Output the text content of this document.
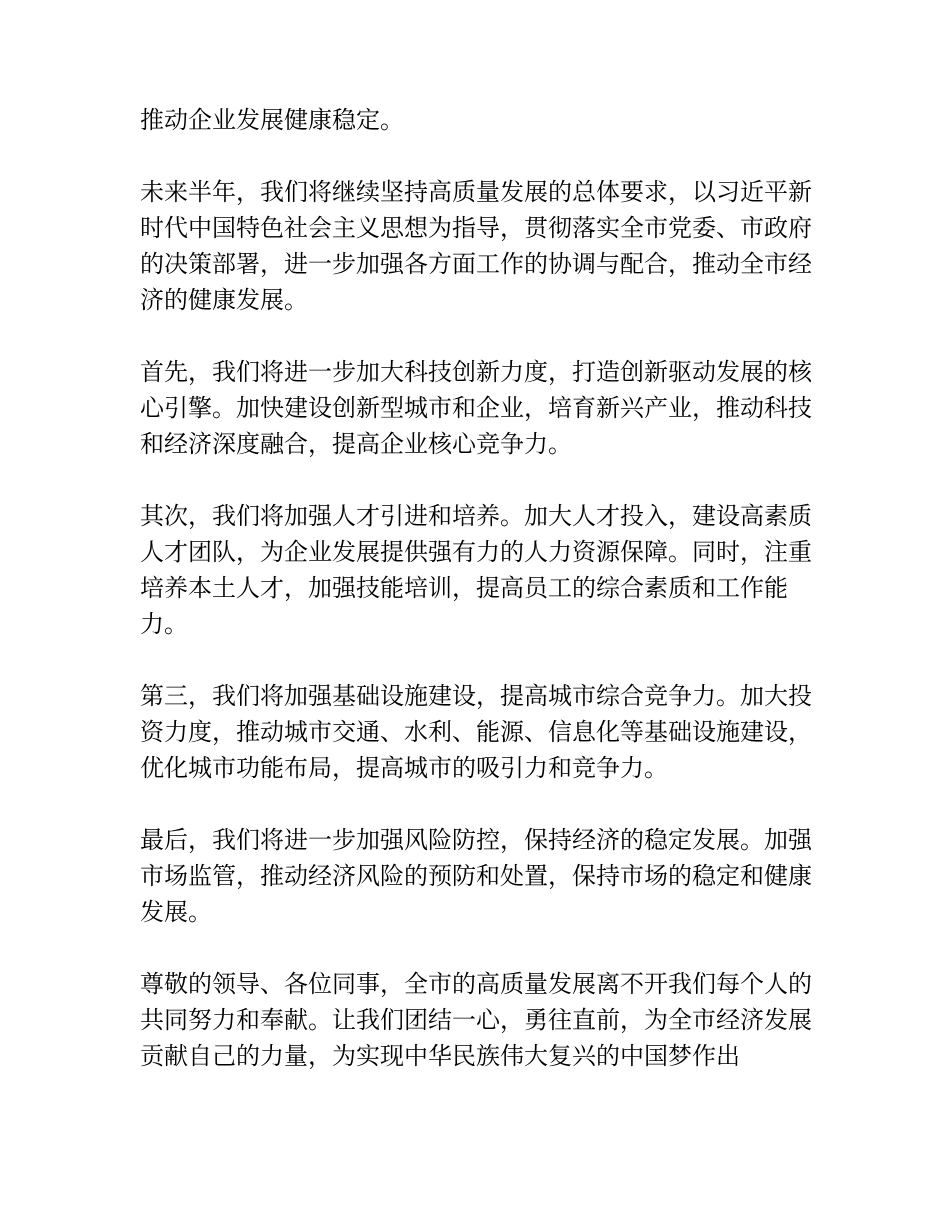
推动企业发展健康稳定。

未来半年，我们将继续坚持高质量发展的总体要求，以习近平新时代中国特色社会主义思想为指导，贯彻落实全市党委、市政府的决策部署，进一步加强各方面工作的协调与配合，推动全市经济的健康发展。

首先，我们将进一步加大科技创新力度，打造创新驱动发展的核心引擎。加快建设创新型城市和企业，培育新兴产业，推动科技和经济深度融合，提高企业核心竞争力。

其次，我们将加强人才引进和培养。加大人才投入，建设高素质人才团队，为企业发展提供强有力的人力资源保障。同时，注重培养本土人才，加强技能培训，提高员工的综合素质和工作能力。

第三，我们将加强基础设施建设，提高城市综合竞争力。加大投资力度，推动城市交通、水利、能源、信息化等基础设施建设，优化城市功能布局，提高城市的吸引力和竞争力。

最后，我们将进一步加强风险防控，保持经济的稳定发展。加强市场监管，推动经济风险的预防和处置，保持市场的稳定和健康发展。

尊敬的领导、各位同事，全市的高质量发展离不开我们每个人的共同努力和奉献。让我们团结一心，勇往直前，为全市经济发展贡献自己的力量，为实现中华民族伟大复兴的中国梦作出
